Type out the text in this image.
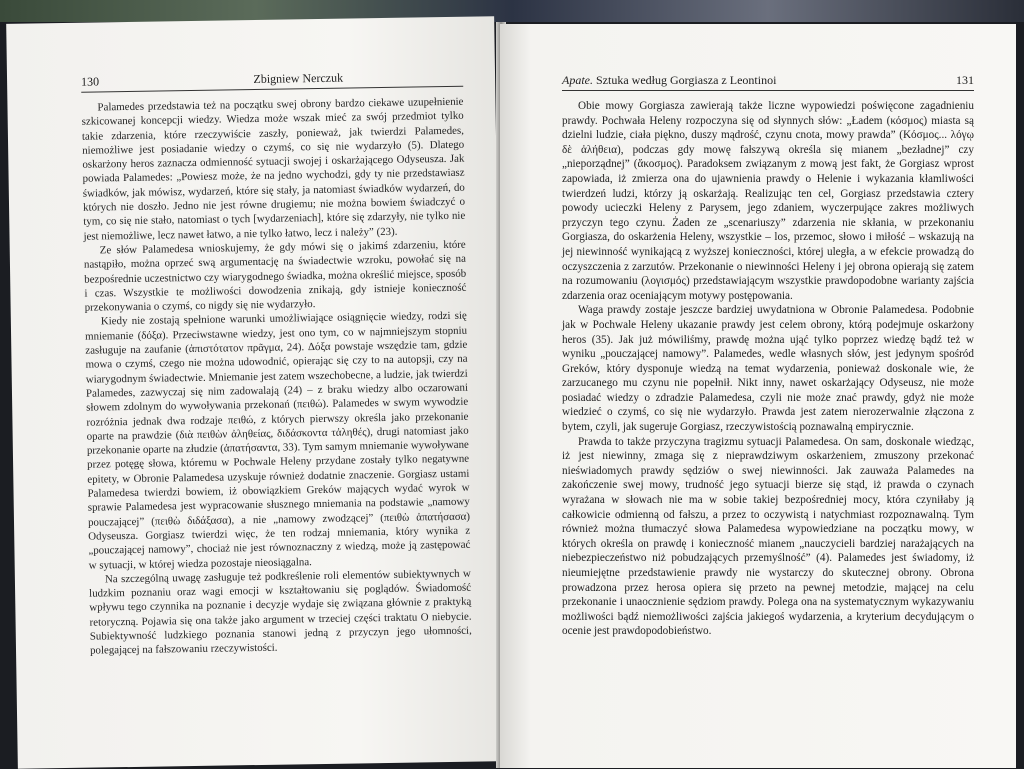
130	Zbigniew Nerczuk

Palamedes przedstawia też na początku swej obrony bardzo ciekawe uzupełnienie szkicowanej koncepcji wiedzy. Wiedza może wszak mieć za swój przedmiot tylko takie zdarzenia, które rzeczywiście zaszły, ponieważ, jak twierdzi Palamedes, niemożliwe jest posiadanie wiedzy o czymś, co się nie wydarzyło (5). Dlatego oskarżony heros zaznacza odmienność sytuacji swojej i oskarżającego Odyseusza. Jak powiada Palamedes: „Powiesz może, że na jedno wychodzi, gdy ty nie przedstawiasz świadków, jak mówisz, wydarzeń, które się stały, ja natomiast świadków wydarzeń, do których nie doszło. Jedno nie jest równe drugiemu; nie można bowiem świadczyć o tym, co się nie stało, natomiast o tych [wydarzeniach], które się zdarzyły, nie tylko nie jest niemożliwe, lecz nawet łatwo, a nie tylko łatwo, lecz i należy” (23).

Ze słów Palamedesa wnioskujemy, że gdy mówi się o jakimś zdarzeniu, które nastąpiło, można oprzeć swą argumentację na świadectwie wzroku, powołać się na bezpośrednie uczestnictwo czy wiarygodnego świadka, można określić miejsce, sposób i czas. Wszystkie te możliwości dowodzenia znikają, gdy istnieje konieczność przekonywania o czymś, co nigdy się nie wydarzyło.

Kiedy nie zostają spełnione warunki umożliwiające osiągnięcie wiedzy, rodzi się mniemanie (δόξα). Przeciwstawne wiedzy, jest ono tym, co w najmniejszym stopniu zasługuje na zaufanie (ἀπιστότατον πρᾶγμα, 24). Δόξα powstaje wszędzie tam, gdzie mowa o czymś, czego nie można udowodnić, opierając się czy to na autopsji, czy na wiarygodnym świadectwie. Mniemanie jest zatem wszechobecne, a ludzie, jak twierdzi Palamedes, zazwyczaj się nim zadowalają (24) – z braku wiedzy albo oczarowani słowem zdolnym do wywoływania przekonań (πειθώ). Palamedes w swym wywodzie rozróżnia jednak dwa rodzaje πειθώ, z których pierwszy określa jako przekonanie oparte na prawdzie (διὰ πειθὼν ἀληθείας, διδάσκοντα τἀληθές), drugi natomiast jako przekonanie oparte na złudzie (ἀπατήσαντα, 33). Tym samym mniemanie wywoływane przez potęgę słowa, któremu w Pochwale Heleny przydane zostały tylko negatywne epitety, w Obronie Palamedesa uzyskuje również dodatnie znaczenie. Gorgiasz ustami Palamedesa twierdzi bowiem, iż obowiązkiem Greków mających wydać wyrok w sprawie Palamedesa jest wypracowanie słusznego mniemania na podstawie „namowy pouczającej” (πειθὼ διδάξασα), a nie „namowy zwodzącej” (πειθὼ ἀπατήσασα) Odyseusza. Gorgiasz twierdzi więc, że ten rodzaj mniemania, który wynika z „pouczającej namowy”, chociaż nie jest równoznaczny z wiedzą, może ją zastępować w sytuacji, w której wiedza pozostaje nieosiągalna.

Na szczególną uwagę zasługuje też podkreślenie roli elementów subiektywnych w ludzkim poznaniu oraz wagi emocji w kształtowaniu się poglądów. Świadomość wpływu tego czynnika na poznanie i decyzje wydaje się związana głównie z praktyką retoryczną. Pojawia się ona także jako argument w trzeciej części traktatu O niebycie. Subiektywność ludzkiego poznania stanowi jedną z przyczyn jego ułomności, polegającej na fałszowaniu rzeczywistości.

Apate. Sztuka według Gorgiasza z Leontinoi	131

Obie mowy Gorgiasza zawierają także liczne wypowiedzi poświęcone zagadnieniu prawdy. Pochwała Heleny rozpoczyna się od słynnych słów: „Ładem (κόσμος) miasta są dzielni ludzie, ciała piękno, duszy mądrość, czynu cnota, mowy prawda” (Κόσμος... λόγῳ δὲ ἀλήθεια), podczas gdy mowę fałszywą określa się mianem „bezładnej” czy „nieporządnej” (ἄκοσμος). Paradoksem związanym z mową jest fakt, że Gorgiasz wprost zapowiada, iż zmierza ona do ujawnienia prawdy o Helenie i wykazania kłamliwości twierdzeń ludzi, którzy ją oskarżają. Realizując ten cel, Gorgiasz przedstawia cztery powody ucieczki Heleny z Parysem, jego zdaniem, wyczerpujące zakres możliwych przyczyn tego czynu. Żaden ze „scenariuszy” zdarzenia nie skłania, w przekonaniu Gorgiasza, do oskarżenia Heleny, wszystkie – los, przemoc, słowo i miłość – wskazują na jej niewinność wynikającą z wyższej konieczności, której uległa, a w efekcie prowadzą do oczyszczenia z zarzutów. Przekonanie o niewinności Heleny i jej obrona opierają się zatem na rozumowaniu (λογισμός) przedstawiającym wszystkie prawdopodobne warianty zajścia zdarzenia oraz oceniającym motywy postępowania.

Waga prawdy zostaje jeszcze bardziej uwydatniona w Obronie Palamedesa. Podobnie jak w Pochwale Heleny ukazanie prawdy jest celem obrony, którą podejmuje oskarżony heros (35). Jak już mówiliśmy, prawdę można ująć tylko poprzez wiedzę bądź też w wyniku „pouczającej namowy”. Palamedes, wedle własnych słów, jest jedynym spośród Greków, który dysponuje wiedzą na temat wydarzenia, ponieważ doskonale wie, że zarzucanego mu czynu nie popełnił. Nikt inny, nawet oskarżający Odyseusz, nie może posiadać wiedzy o zdradzie Palamedesa, czyli nie może znać prawdy, gdyż nie może wiedzieć o czymś, co się nie wydarzyło. Prawda jest zatem nierozerwalnie złączona z bytem, czyli, jak sugeruje Gorgiasz, rzeczywistością poznawalną empirycznie.

Prawda to także przyczyna tragizmu sytuacji Palamedesa. On sam, doskonale wiedząc, iż jest niewinny, zmaga się z nieprawdziwym oskarżeniem, zmuszony przekonać nieświadomych prawdy sędziów o swej niewinności. Jak zauważa Palamedes na zakończenie swej mowy, trudność jego sytuacji bierze się stąd, iż prawda o czynach wyrażana w słowach nie ma w sobie takiej bezpośredniej mocy, która czyniłaby ją całkowicie odmienną od fałszu, a przez to oczywistą i natychmiast rozpoznawalną. Tym również można tłumaczyć słowa Palamedesa wypowiedziane na początku mowy, w których określa on prawdę i konieczność mianem „nauczycieli bardziej narażających na niebezpieczeństwo niż pobudzających przemyślność” (4). Palamedes jest świadomy, iż nieumiejętne przedstawienie prawdy nie wystarczy do skutecznej obrony. Obrona prowadzona przez herosa opiera się przeto na pewnej metodzie, mającej na celu przekonanie i unaocznienie sędziom prawdy. Polega ona na systematycznym wykazywaniu możliwości bądź niemożliwości zajścia jakiegoś wydarzenia, a kryterium decydującym o ocenie jest prawdopodobieństwo.
